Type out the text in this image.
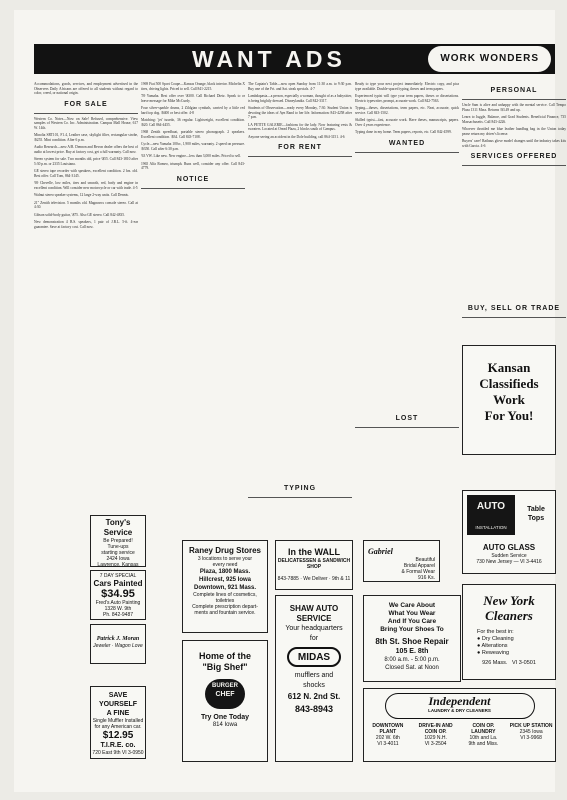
WANT ADS	WORK WONDERS

Accommodations, goods, services, and employment advertised in the Observers Daily Africans are offered to all students without regard to color, creed, or national origin.

FOR SALE

Western Co. Notes—Now on Sale! Refused, comprehensive. View samples of Western Co. Inc. Administration. Campus Mall House, 617 W. 14th.

Minolta SRT101, F1.4, Leather case, skylight filter, rectangular strobe, \$255. Mint condition. After 6 p.m.

Audio Research—new A/R. Dennon and Bevon dealer offers the best of audio at lowest price. Buy at factory cost, get a full warranty. Call now.

Stereo system for sale. Two months old, price \$55. Call 843-1810 after 5:30 p.m. or 2335 Louisiana.

GE stereo tape recorder with speakers, excellent condition. 2 hrs. old. Best offer. Call Tom, 864-3145.

'69 Chevelle, low miles, tires and smooth, red, body and engine in excellent condition. Will consider new motorcycle or car with trade. 4-5

Walnut stereo speaker systems, 12 large 2-way units. Call Dennis.

21" Zenith television. 5 months old. Magnavox console stereo. Call at 4:30.

Gibson solid-body guitar, \$75. Also GE stereo. Call 842-4835.

New demonstration 4 B.S. speakers, 1 pair of J.B.L. 5-ft. 4-ear guarantee. Save at factory cost. Call now.

1969 Fiat 500 Sport Coupe—Kansas Orange, black interior. Michelin X tires, driving lights. Priced to sell. Call 841-2215.

'59 Yamaha. Best offer over \$300. Call Richard Dietz. Speak to or leave message for Mike McCurdy.

Four silver-sparkle drums, 2 Zildgian cymbals, carried by a little red hard top dog. \$400 or best offer. 4-8

Matching: 'jet' tuxedo, 36 regular. Lightweight, excellent condition. \$20. Call 864-4455.

1968 Zenith speedboat, portable stereo phonograph. 2 speakers. Excellent condition. \$34. Call 843-7108.

Cycle—new Yamaha 100cc, 1,900 miles, warranty. 2 speed on pressure. \$350. Call after 6:30 p.m.

'63 VW. Like new. New engine—less than 3,000 miles. Priced to sell.

1965 Alfa Romeo, triumph. Runs well, consider any offer. Call 843-4779.

NOTICE

The Captain's Table—now open Sunday from 11:30 a.m. to 9:30 p.m. Buy one of the Fri. and Sat. steak specials. 4-7

Lambdapasta—a person, especially a woman, thought of as a babysitter, is being brightly dressed. Disneylandia. Call 842-3317.

Students of Observation—ready every Monday, 7:30. Student Union is devoting the ideas of Ayn Rand to her life. Information: 843-4258 after 7 p.m.

LA PETITE GALERIE—fashions for the lady. Now featuring vests & sweaters. Located at Oread Plaza, 2 blocks south of Campus.

Anyone seeing an accident in the Dole building, call 864-3151. 4-6

FOR RENT
TYPING

Ready to type your next project immediately. Electric copy, and pica type available. Double-spaced typing, theses and term papers.

Experienced typist will type your term papers, theses or dissertations. Electric typewriter, prompt, accurate work. Call 842-7563.

Typing—theses, dissertations, term papers, etc. Neat, accurate, quick service. Call 843-1502.

Skilled typist—fast, accurate work. Have theses, manuscripts, papers. Over 4 years experience.

Typing done in my home. Term papers, reports, etc. Call 842-4599.

WANTED
LOST
PERSONAL

Uncle Sam is alive and unhappy with the mental service. Call Tempo Plaza 1311 Mass. Returns \$3.49 and up.

Learn to Juggle, Balance, and Grad Students. Beneficial Finance, 735 Massachusetts. Call 843-4226.

Whoever throttled me blue leather handbag bag in the Union today pease return my driver's license.

Buyers' care! Rathaus glove model changes until the industry takes kits with Garcia. 4-6

SERVICES OFFERED
BUY, SELL OR TRADE
Tony's Service
Be Prepared!
Tune-ups
starting service
2424 Iowa
Lawrence, Kansas
7 DAY SPECIAL
Cars Painted
$34.95
Fred's Auto Painting
1328 W. 9th
Ph. 842-9487
Patrick J. Moran
Jeweler · Wagon Love
SAVE YOURSELF
A FINE
Single Muffler Installed
for any American car.
$12.95
T.I.R.E. co.
720 East 9th VI 3-0950
Raney Drug Stores
3 locations to serve your
every need
Plaza, 1800 Mass.
Hillcrest, 925 Iowa
Downtown, 921 Mass.
Complete lines of cosmetics,
toiletries
Complete prescription depart-
ments and fountain service.
Home of the
"Big Shef"
BURGER
CHEF
Try One Today
814 Iowa
In the WALL
DELICATESSEN & SANDWICH SHOP
843-7885 · We Deliver · 9th & 11
SHAW AUTO
SERVICE
Your headquarters
for
MIDAS
mufflers and
shocks
612 N. 2nd St.
843-8943
Gabriel
Beautiful
Bridal Apparel
& Formal Wear
916 Ks.
We Care About
What You Wear
And If You Care
Bring Your Shoes To
8th St. Shoe Repair
105 E. 8th
8:00 a.m. - 5:00 p.m.
Closed Sat. at Noon
Kansan
Classifieds
Work
For You!
AUTO
INSTALLATION
Table
Tops
AUTO GLASS
Sudden Service
730 New Jersey — VI 3-4416
New York
Cleaners
For the best in:
● Dry Cleaning
● Alterations
● Reweaving
926 Mass. VI 3-0501
Independent
LAUNDRY & DRY CLEANERS
DOWNTOWN PLANT
202 W. 6th
VI 3-4011
DRIVE-IN AND COIN OP.
1029 N.H.
VI 3-2504
COIN OP. LAUNDRY
10th and La.
9th and Miss.
PICK UP STATION
2345 Iowa
VI 3-9968
